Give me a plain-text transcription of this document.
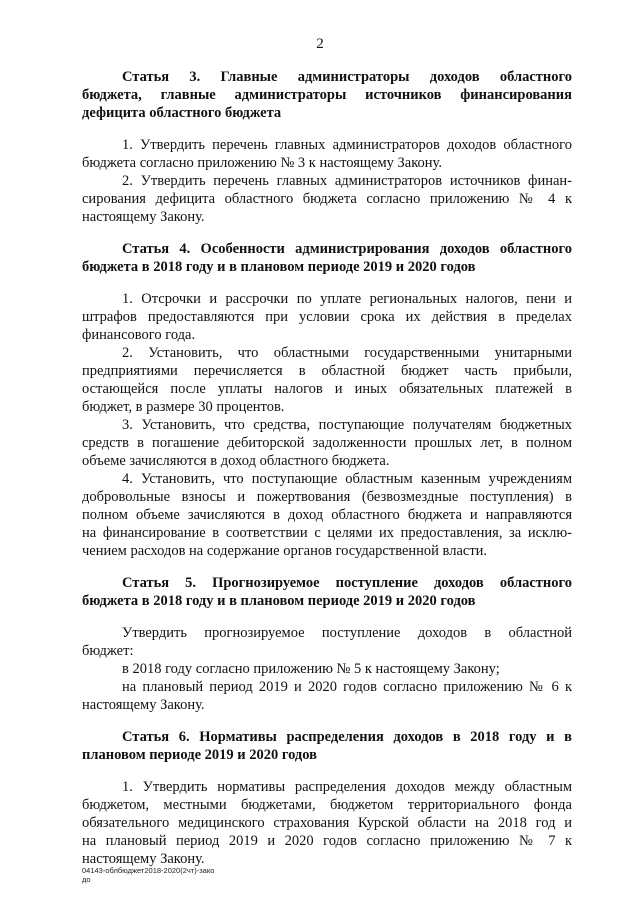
2
Статья 3. Главные администраторы доходов областного
бюджета, главные администраторы источников финансирования
дефицита областного бюджета
1. Утвердить перечень главных администраторов доходов областного
бюджета согласно приложению № 3 к настоящему Закону.
2. Утвердить перечень главных администраторов источников финан-
сирования дефицита областного бюджета согласно приложению № 4 к
настоящему Закону.
Статья 4. Особенности администрирования доходов областного
бюджета в 2018 году и в плановом периоде 2019 и 2020 годов
1. Отсрочки и рассрочки по уплате региональных налогов, пени и
штрафов предоставляются при условии срока их действия в пределах
финансового года.
2. Установить, что областными государственными унитарными
предприятиями перечисляется в областной бюджет часть прибыли,
остающейся после уплаты налогов и иных обязательных платежей в
бюджет, в размере 30 процентов.
3. Установить, что средства, поступающие получателям бюджетных
средств в погашение дебиторской задолженности прошлых лет, в полном
объеме зачисляются в доход областного бюджета.
4. Установить, что поступающие областным казенным учреждениям
добровольные взносы и пожертвования (безвозмездные поступления) в
полном объеме зачисляются в доход областного бюджета и направляются
на финансирование в соответствии с целями их предоставления, за исклю-
чением расходов на содержание органов государственной власти.
Статья 5. Прогнозируемое поступление доходов областного
бюджета в 2018 году и в плановом периоде 2019 и 2020 годов
Утвердить прогнозируемое поступление доходов в областной
бюджет:
в 2018 году согласно приложению № 5 к настоящему Закону;
на плановый период 2019 и 2020 годов согласно приложению № 6 к
настоящему Закону.
Статья 6. Нормативы распределения доходов в 2018 году и в
плановом периоде 2019 и 2020 годов
1. Утвердить нормативы распределения доходов между областным
бюджетом, местными бюджетами, бюджетом территориального фонда
обязательного медицинского страхования Курской области на 2018 год и
на плановый период 2019 и 2020 годов согласно приложению № 7 к
настоящему Закону.
04143-облбюджет2018-2020(2чт)-зако
до
